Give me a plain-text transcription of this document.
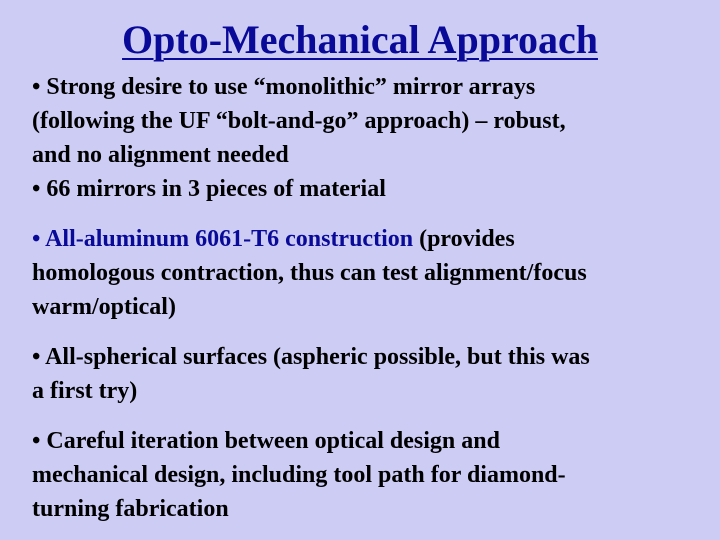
Opto-Mechanical Approach
• Strong desire to use “monolithic” mirror arrays
(following the UF “bolt-and-go” approach) – robust,
and no alignment needed
• 66 mirrors in 3 pieces of material
• All-aluminum 6061-T6 construction (provides
homologous contraction, thus can test alignment/focus
warm/optical)
• All-spherical surfaces (aspheric possible, but this was
a first try)
• Careful iteration between optical design and
mechanical design, including tool path for diamond-
turning fabrication
